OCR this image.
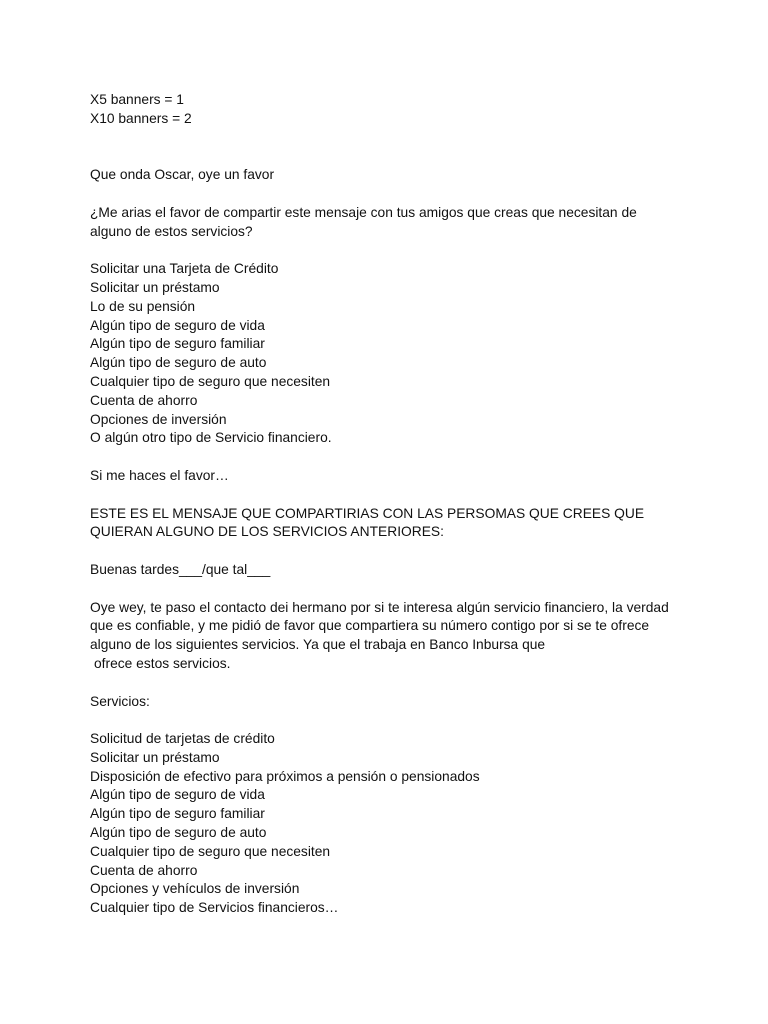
X5 banners = 1
X10 banners = 2
Que onda Oscar, oye un favor
¿Me arias el favor de compartir este mensaje con tus amigos que creas que necesitan de
alguno de estos servicios?
Solicitar una Tarjeta de Crédito
Solicitar un préstamo
Lo de su pensión
Algún tipo de seguro de vida
Algún tipo de seguro familiar
Algún tipo de seguro de auto
Cualquier tipo de seguro que necesiten
Cuenta de ahorro
Opciones de inversión
O algún otro tipo de Servicio financiero.
Si me haces el favor…
ESTE ES EL MENSAJE QUE COMPARTIRIAS CON LAS PERSOMAS QUE CREES QUE
QUIERAN ALGUNO DE LOS SERVICIOS ANTERIORES:
Buenas tardes___/que tal___
Oye wey, te paso el contacto dei hermano por si te interesa algún servicio financiero, la verdad
que es confiable, y me pidió de favor que compartiera su número contigo por si se te ofrece
alguno de los siguientes servicios. Ya que el trabaja en Banco Inbursa que
ofrece estos servicios.
Servicios:
Solicitud de tarjetas de crédito
Solicitar un préstamo
Disposición de efectivo para próximos a pensión o pensionados
Algún tipo de seguro de vida
Algún tipo de seguro familiar
Algún tipo de seguro de auto
Cualquier tipo de seguro que necesiten
Cuenta de ahorro
Opciones y vehículos de inversión
Cualquier tipo de Servicios financieros…
